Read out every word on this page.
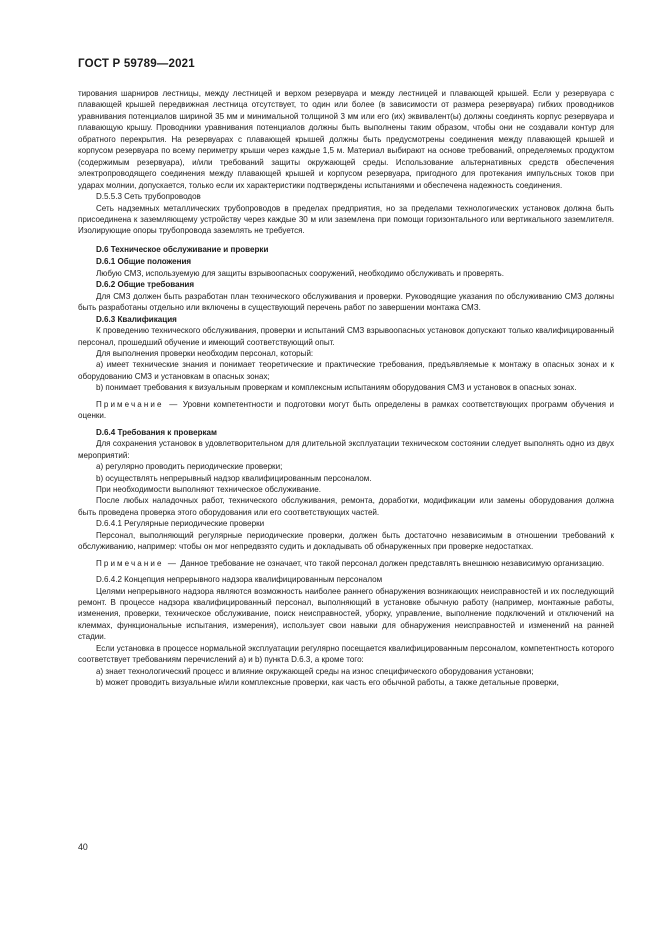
ГОСТ Р 59789—2021

тирования шарниров лестницы, между лестницей и верхом резервуара и между лестницей и плавающей крышей. Если у резервуара с плавающей крышей передвижная лестница отсутствует, то один или более (в зависимости от размера резервуара) гибких проводников уравнивания потенциалов шириной 35 мм и минимальной толщиной 3 мм или его (их) эквивалент(ы) должны соединять корпус резервуара и плавающую крышу. Проводники уравнивания потенциалов должны быть выполнены таким образом, чтобы они не создавали контур для обратного перекрытия. На резервуарах с плавающей крышей должны быть предусмотрены соединения между плавающей крышей и корпусом резервуара по всему периметру крыши через каждые 1,5 м. Материал выбирают на основе требований, определяемых продуктом (содержимым резервуара), и/или требований защиты окружающей среды. Использование альтернативных средств обеспечения электропроводящего соединения между плавающей крышей и корпусом резервуара, пригодного для протекания импульсных токов при ударах молнии, допускается, только если их характеристики подтверждены испытаниями и обеспечена надежность соединения.

D.5.5.3 Сеть трубопроводов

Сеть надземных металлических трубопроводов в пределах предприятия, но за пределами технологических установок должна быть присоединена к заземляющему устройству через каждые 30 м или заземлена при помощи горизонтального или вертикального заземлителя. Изолирующие опоры трубопровода заземлять не требуется.

D.6 Техническое обслуживание и проверки

D.6.1 Общие положения

Любую СМЗ, используемую для защиты взрывоопасных сооружений, необходимо обслуживать и проверять.

D.6.2 Общие требования

Для СМЗ должен быть разработан план технического обслуживания и проверки. Руководящие указания по обслуживанию СМЗ должны быть разработаны отдельно или включены в существующий перечень работ по завершении монтажа СМЗ.

D.6.3 Квалификация

К проведению технического обслуживания, проверки и испытаний СМЗ взрывоопасных установок допускают только квалифицированный персонал, прошедший обучение и имеющий соответствующий опыт.

Для выполнения проверки необходим персонал, который:

a) имеет технические знания и понимает теоретические и практические требования, предъявляемые к монтажу в опасных зонах и к оборудованию СМЗ и установкам в опасных зонах;

b) понимает требования к визуальным проверкам и комплексным испытаниям оборудования СМЗ и установок в опасных зонах.

Примечание — Уровни компетентности и подготовки могут быть определены в рамках соответствующих программ обучения и оценки.

D.6.4 Требования к проверкам

Для сохранения установок в удовлетворительном для длительной эксплуатации техническом состоянии следует выполнять одно из двух мероприятий:

a) регулярно проводить периодические проверки;

b) осуществлять непрерывный надзор квалифицированным персоналом.

При необходимости выполняют техническое обслуживание.

После любых наладочных работ, технического обслуживания, ремонта, доработки, модификации или замены оборудования должна быть проведена проверка этого оборудования или его соответствующих частей.

D.6.4.1 Регулярные периодические проверки

Персонал, выполняющий регулярные периодические проверки, должен быть достаточно независимым в отношении требований к обслуживанию, например: чтобы он мог непредвзято судить и докладывать об обнаруженных при проверке недостатках.

Примечание — Данное требование не означает, что такой персонал должен представлять внешнюю независимую организацию.

D.6.4.2 Концепция непрерывного надзора квалифицированным персоналом

Целями непрерывного надзора являются возможность наиболее раннего обнаружения возникающих неисправностей и их последующий ремонт. В процессе надзора квалифицированный персонал, выполняющий в установке обычную работу (например, монтажные работы, изменения, проверки, техническое обслуживание, поиск неисправностей, уборку, управление, выполнение подключений и отключений на клеммах, функциональные испытания, измерения), использует свои навыки для обнаружения неисправностей и изменений на ранней стадии.

Если установка в процессе нормальной эксплуатации регулярно посещается квалифицированным персоналом, компетентность которого соответствует требованиям перечислений a) и b) пункта D.6.3, а кроме того:

a) знает технологический процесс и влияние окружающей среды на износ специфического оборудования установки;

b) может проводить визуальные и/или комплексные проверки, как часть его обычной работы, а также детальные проверки,

40
